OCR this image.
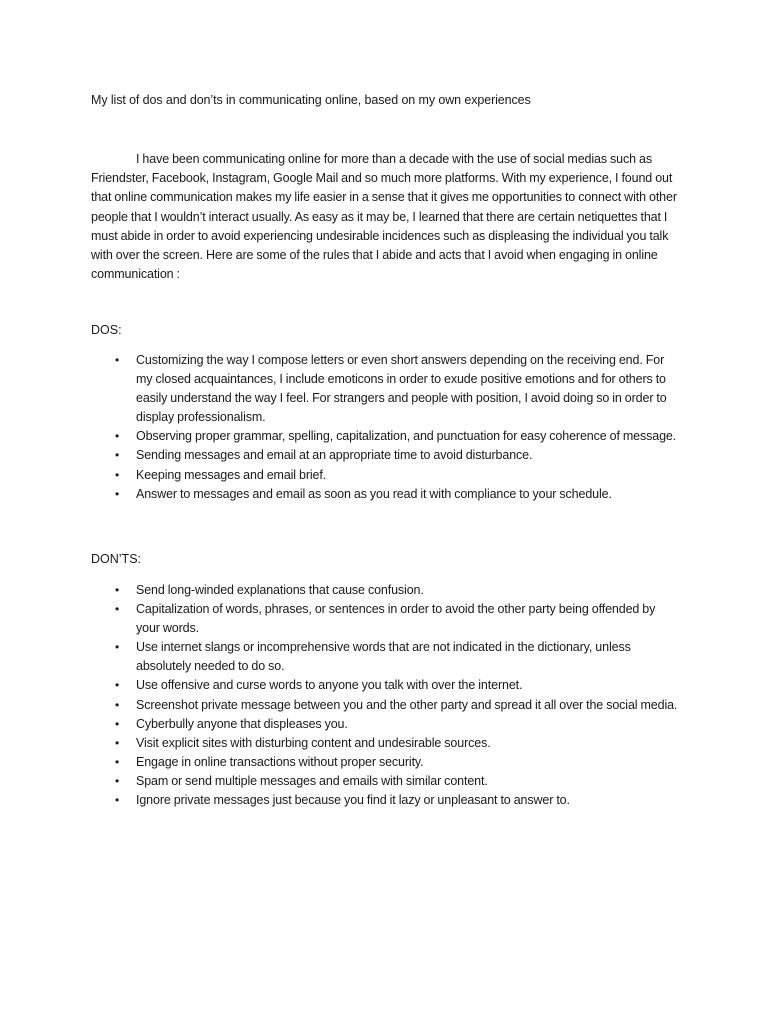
My list of dos and don’ts in communicating online, based on my own experiences

I have been communicating online for more than a decade with the use of social medias such as Friendster, Facebook, Instagram, Google Mail and so much more platforms. With my experience, I found out that online communication makes my life easier in a sense that it gives me opportunities to connect with other people that I wouldn’t interact usually. As easy as it may be, I learned that there are certain netiquettes that I must abide in order to avoid experiencing undesirable incidences such as displeasing the individual you talk with over the screen. Here are some of the rules that I abide and acts that I avoid when engaging in online communication :

DOS:
• Customizing the way I compose letters or even short answers depending on the receiving end. For my closed acquaintances, I include emoticons in order to exude positive emotions and for others to easily understand the way I feel. For strangers and people with position, I avoid doing so in order to display professionalism.
• Observing proper grammar, spelling, capitalization, and punctuation for easy coherence of message.
• Sending messages and email at an appropriate time to avoid disturbance.
• Keeping messages and email brief.
• Answer to messages and email as soon as you read it with compliance to your schedule.
DON’TS:
• Send long-winded explanations that cause confusion.
• Capitalization of words, phrases, or sentences in order to avoid the other party being offended by your words.
• Use internet slangs or incomprehensive words that are not indicated in the dictionary, unless absolutely needed to do so.
• Use offensive and curse words to anyone you talk with over the internet.
• Screenshot private message between you and the other party and spread it all over the social media.
• Cyberbully anyone that displeases you.
• Visit explicit sites with disturbing content and undesirable sources.
• Engage in online transactions without proper security.
• Spam or send multiple messages and emails with similar content.
• Ignore private messages just because you find it lazy or unpleasant to answer to.
